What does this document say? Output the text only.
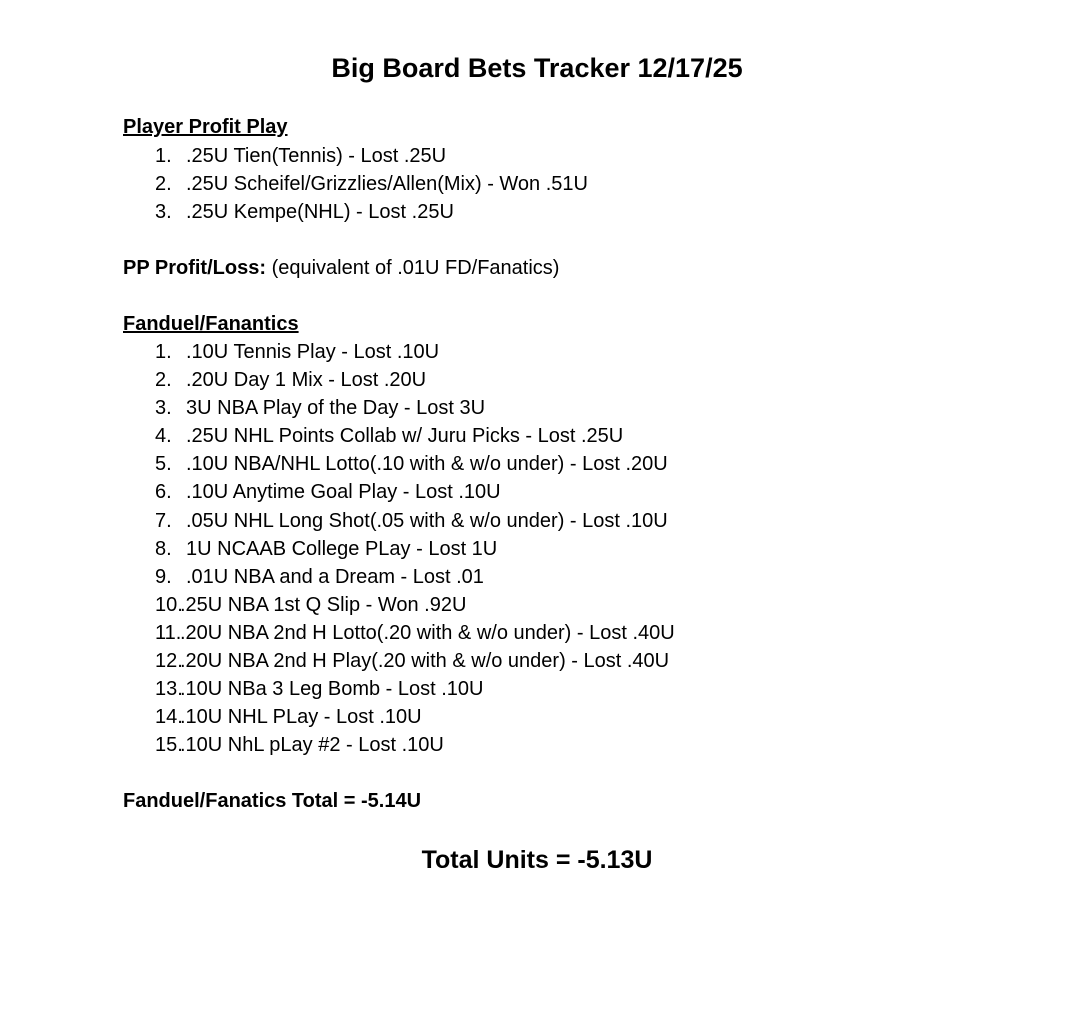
Big Board Bets Tracker 12/17/25
Player Profit Play
1. .25U Tien(Tennis) - Lost .25U
2. .25U Scheifel/Grizzlies/Allen(Mix) - Won .51U
3. .25U Kempe(NHL) - Lost .25U

PP Profit/Loss: (equivalent of .01U FD/Fanatics)

Fanduel/Fanantics
1. .10U Tennis Play - Lost .10U
2. .20U Day 1 Mix - Lost .20U
3. 3U NBA Play of the Day - Lost 3U
4. .25U NHL Points Collab w/ Juru Picks - Lost .25U
5. .10U NBA/NHL Lotto(.10 with & w/o under) - Lost .20U
6. .10U Anytime Goal Play - Lost .10U
7. .05U NHL Long Shot(.05 with & w/o under) - Lost .10U
8. 1U NCAAB College PLay - Lost 1U
9. .01U NBA and a Dream - Lost .01
10.
.25U NBA 1st Q Slip - Won .92U
11.
.20U NBA 2nd H Lotto(.20 with & w/o under) - Lost .40U
12.
.20U NBA 2nd H Play(.20 with & w/o under) - Lost .40U
13.
.10U NBa 3 Leg Bomb - Lost .10U
14.
.10U NHL PLay - Lost .10U
15.
.10U NhL pLay #2 - Lost .10U

Fanduel/Fanatics Total = -5.14U

Total Units = -5.13U
